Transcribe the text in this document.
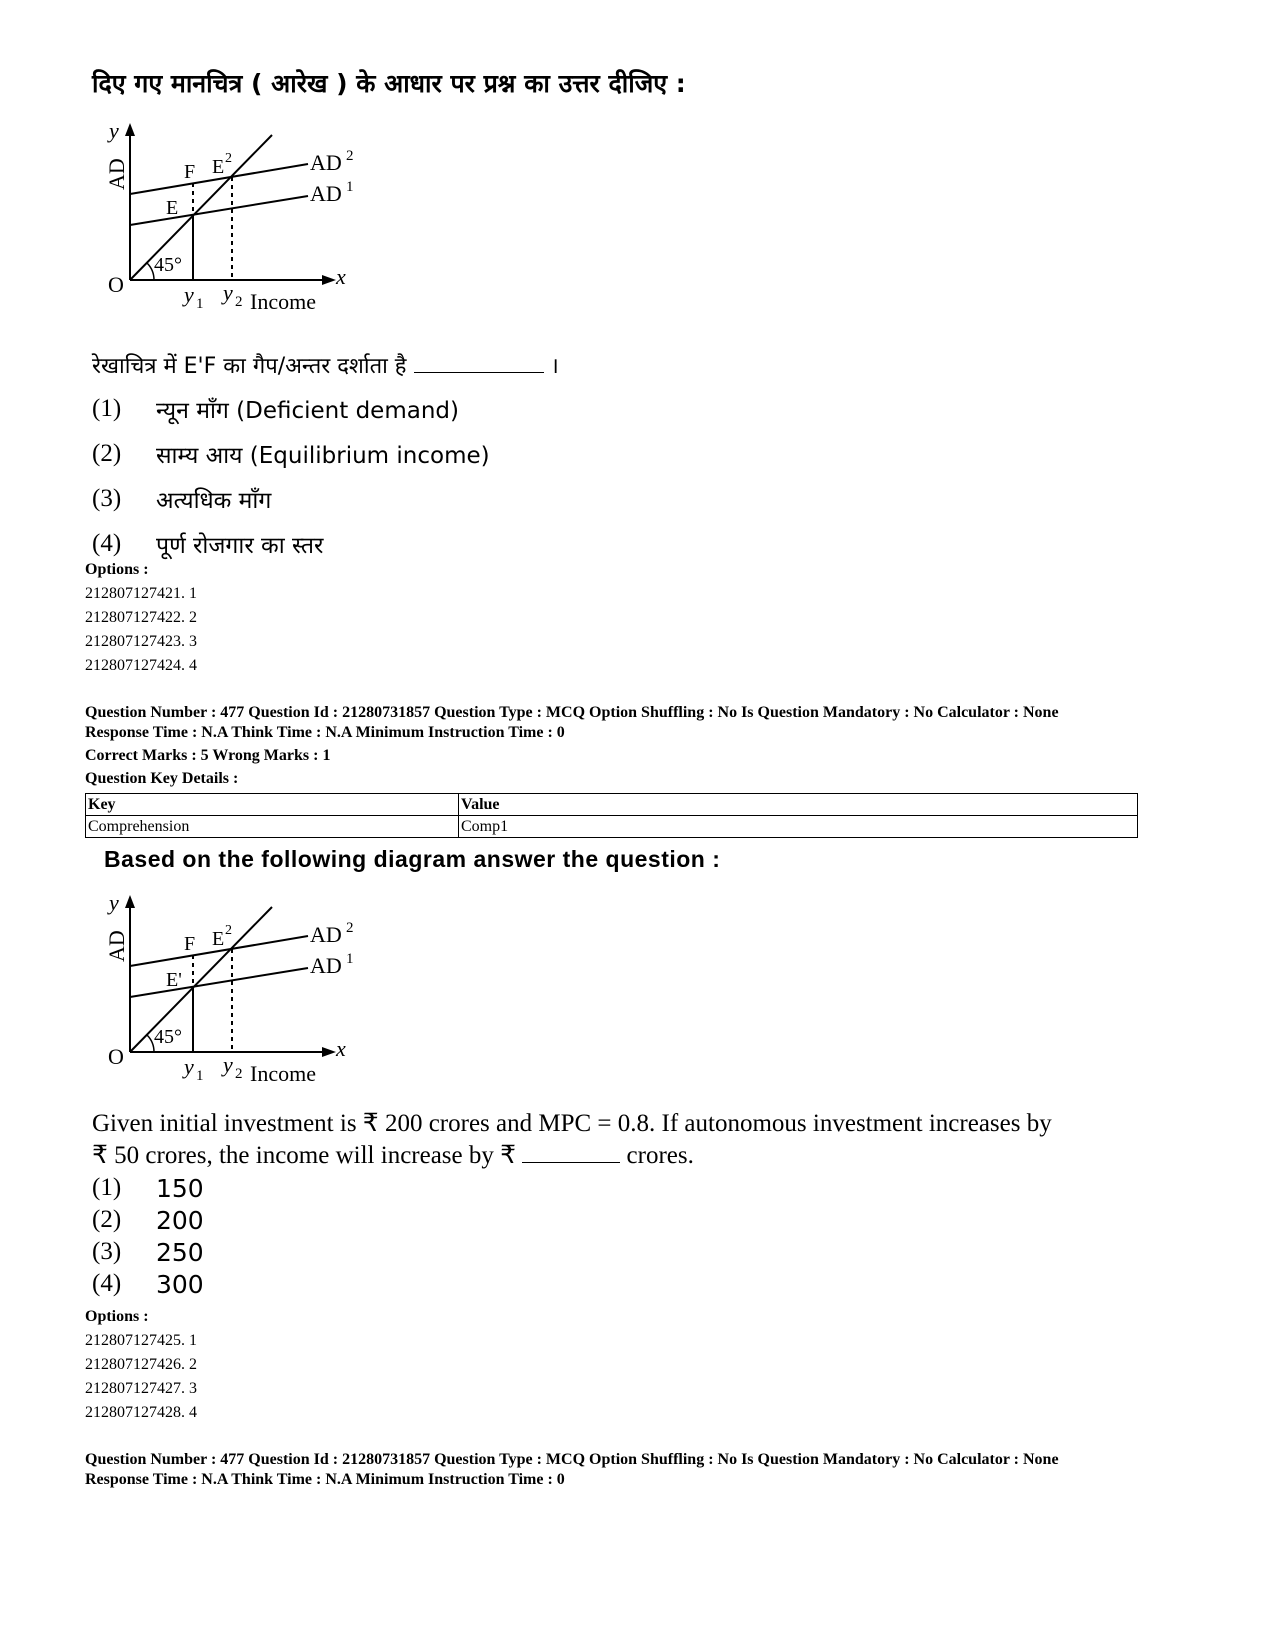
दिए गए मानचित्र ( आरेख ) के आधार पर प्रश्न का उत्तर दीजिए :
y
AD
O
45°
F E 2
E
AD 2
AD 1
x
y 1 y 2 Income
रेखाचित्र में E'F का गैप/अन्तर दर्शाता है	।
(1)	न्यून माँग (Deficient demand)
(2)	साम्य आय (Equilibrium income)
(3)	अत्यधिक माँग
(4)	पूर्ण रोजगार का स्तर
Options :
212807127421. 1
212807127422. 2
212807127423. 3
212807127424. 4
Question Number : 477 Question Id : 21280731857 Question Type : MCQ Option Shuffling : No Is Question Mandatory : No Calculator : None
Response Time : N.A Think Time : N.A Minimum Instruction Time : 0
Correct Marks : 5 Wrong Marks : 1
Question Key Details :
Key	Value
Comprehension	Comp1
Based on the following diagram answer the question :
y
AD
O
45°
F E 2
E'
AD 2
AD 1
x
y 1 y 2 Income
Given initial investment is ₹ 200 crores and MPC = 0.8. If autonomous investment increases by
₹ 50 crores, the income will increase by ₹	crores.
(1)	150
(2)	200
(3)	250
(4)	300
Options :
212807127425. 1
212807127426. 2
212807127427. 3
212807127428. 4
Question Number : 477 Question Id : 21280731857 Question Type : MCQ Option Shuffling : No Is Question Mandatory : No Calculator : None
Response Time : N.A Think Time : N.A Minimum Instruction Time : 0
